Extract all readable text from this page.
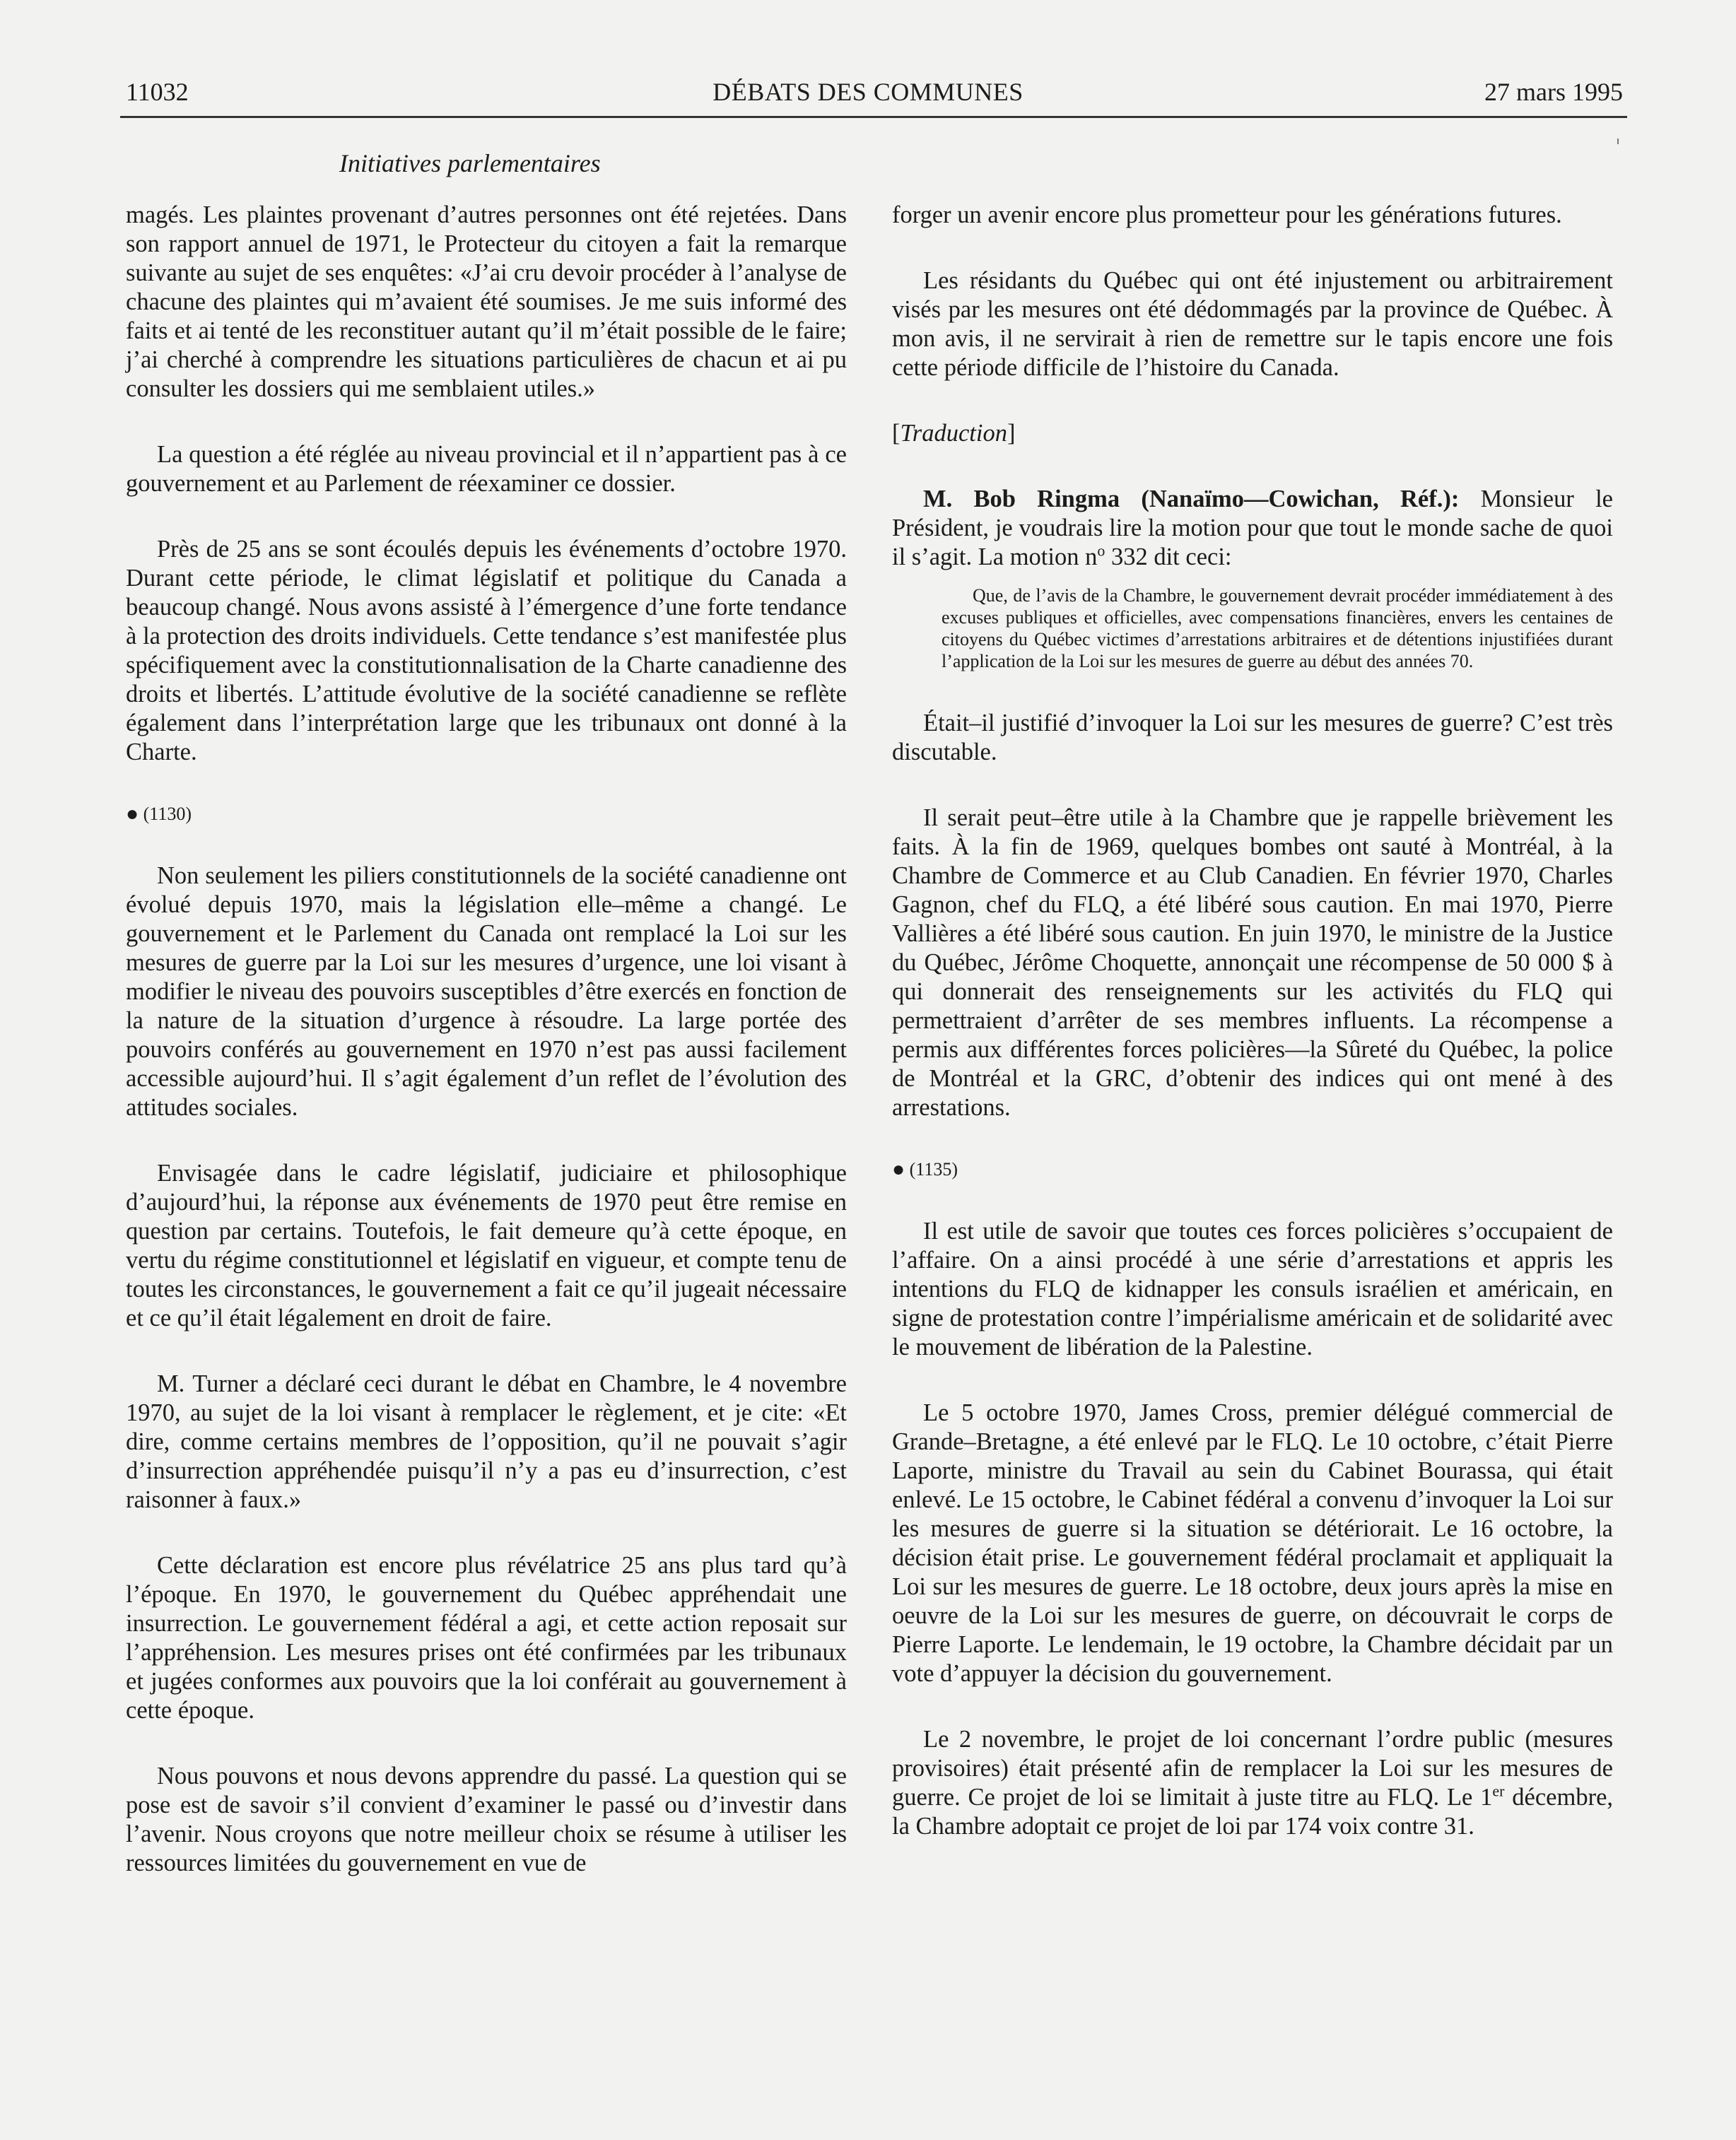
11032	DÉBATS DES COMMUNES	27 mars 1995
Initiatives parlementaires

magés. Les plaintes provenant d’autres personnes ont été rejetées. Dans son rapport annuel de 1971, le Protecteur du citoyen a fait la remarque suivante au sujet de ses enquêtes: «J’ai cru devoir procéder à l’analyse de chacune des plaintes qui m’avaient été soumises. Je me suis informé des faits et ai tenté de les reconstituer autant qu’il m’était possible de le faire; j’ai cherché à comprendre les situations particulières de chacun et ai pu consulter les dossiers qui me semblaient utiles.»

La question a été réglée au niveau provincial et il n’appartient pas à ce gouvernement et au Parlement de réexaminer ce dossier.

Près de 25 ans se sont écoulés depuis les événements d’octobre 1970. Durant cette période, le climat législatif et politique du Canada a beaucoup changé. Nous avons assisté à l’émergence d’une forte tendance à la protection des droits individuels. Cette tendance s’est manifestée plus spécifiquement avec la constitutionnalisation de la Charte canadienne des droits et libertés. L’attitude évolutive de la société canadienne se reflète également dans l’interprétation large que les tribunaux ont donné à la Charte.

● (1130)

Non seulement les piliers constitutionnels de la société canadienne ont évolué depuis 1970, mais la législation elle–même a changé. Le gouvernement et le Parlement du Canada ont remplacé la Loi sur les mesures de guerre par la Loi sur les mesures d’urgence, une loi visant à modifier le niveau des pouvoirs susceptibles d’être exercés en fonction de la nature de la situation d’urgence à résoudre. La large portée des pouvoirs conférés au gouvernement en 1970 n’est pas aussi facilement accessible aujourd’hui. Il s’agit également d’un reflet de l’évolution des attitudes sociales.

Envisagée dans le cadre législatif, judiciaire et philosophique d’aujourd’hui, la réponse aux événements de 1970 peut être remise en question par certains. Toutefois, le fait demeure qu’à cette époque, en vertu du régime constitutionnel et législatif en vigueur, et compte tenu de toutes les circonstances, le gouvernement a fait ce qu’il jugeait nécessaire et ce qu’il était légalement en droit de faire.

M. Turner a déclaré ceci durant le débat en Chambre, le 4 novembre 1970, au sujet de la loi visant à remplacer le règlement, et je cite: «Et dire, comme certains membres de l’opposition, qu’il ne pouvait s’agir d’insurrection appréhendée puisqu’il n’y a pas eu d’insurrection, c’est raisonner à faux.»

Cette déclaration est encore plus révélatrice 25 ans plus tard qu’à l’époque. En 1970, le gouvernement du Québec appréhendait une insurrection. Le gouvernement fédéral a agi, et cette action reposait sur l’appréhension. Les mesures prises ont été confirmées par les tribunaux et jugées conformes aux pouvoirs que la loi conférait au gouvernement à cette époque.

Nous pouvons et nous devons apprendre du passé. La question qui se pose est de savoir s’il convient d’examiner le passé ou d’investir dans l’avenir. Nous croyons que notre meilleur choix se résume à utiliser les ressources limitées du gouvernement en vue de

forger un avenir encore plus prometteur pour les générations futures.

Les résidants du Québec qui ont été injustement ou arbitrairement visés par les mesures ont été dédommagés par la province de Québec. À mon avis, il ne servirait à rien de remettre sur le tapis encore une fois cette période difficile de l’histoire du Canada.

[Traduction]

M. Bob Ringma (Nanaïmo—Cowichan, Réf.): Monsieur le Président, je voudrais lire la motion pour que tout le monde sache de quoi il s’agit. La motion $n^o$ 332 dit ceci:

Que, de l’avis de la Chambre, le gouvernement devrait procéder immédiatement à des excuses publiques et officielles, avec compensations financières, envers les centaines de citoyens du Québec victimes d’arrestations arbitraires et de détentions injustifiées durant l’application de la Loi sur les mesures de guerre au début des années 70.

Était–il justifié d’invoquer la Loi sur les mesures de guerre? C’est très discutable.

Il serait peut–être utile à la Chambre que je rappelle brièvement les faits. À la fin de 1969, quelques bombes ont sauté à Montréal, à la Chambre de Commerce et au Club Canadien. En février 1970, Charles Gagnon, chef du FLQ, a été libéré sous caution. En mai 1970, Pierre Vallières a été libéré sous caution. En juin 1970, le ministre de la Justice du Québec, Jérôme Choquette, annonçait une récompense de 50 000 $ à qui donnerait des renseignements sur les activités du FLQ qui permettraient d’arrêter de ses membres influents. La récompense a permis aux différentes forces policières—la Sûreté du Québec, la police de Montréal et la GRC, d’obtenir des indices qui ont mené à des arrestations.

● (1135)

Il est utile de savoir que toutes ces forces policières s’occupaient de l’affaire. On a ainsi procédé à une série d’arrestations et appris les intentions du FLQ de kidnapper les consuls israélien et américain, en signe de protestation contre l’impérialisme américain et de solidarité avec le mouvement de libération de la Palestine.

Le 5 octobre 1970, James Cross, premier délégué commercial de Grande–Bretagne, a été enlevé par le FLQ. Le 10 octobre, c’était Pierre Laporte, ministre du Travail au sein du Cabinet Bourassa, qui était enlevé. Le 15 octobre, le Cabinet fédéral a convenu d’invoquer la Loi sur les mesures de guerre si la situation se détériorait. Le 16 octobre, la décision était prise. Le gouvernement fédéral proclamait et appliquait la Loi sur les mesures de guerre. Le 18 octobre, deux jours après la mise en oeuvre de la Loi sur les mesures de guerre, on découvrait le corps de Pierre Laporte. Le lendemain, le 19 octobre, la Chambre décidait par un vote d’appuyer la décision du gouvernement.

Le 2 novembre, le projet de loi concernant l’ordre public (mesures provisoires) était présenté afin de remplacer la Loi sur les mesures de guerre. Ce projet de loi se limitait à juste titre au FLQ. Le 1er décembre, la Chambre adoptait ce projet de loi par 174 voix contre 31.
